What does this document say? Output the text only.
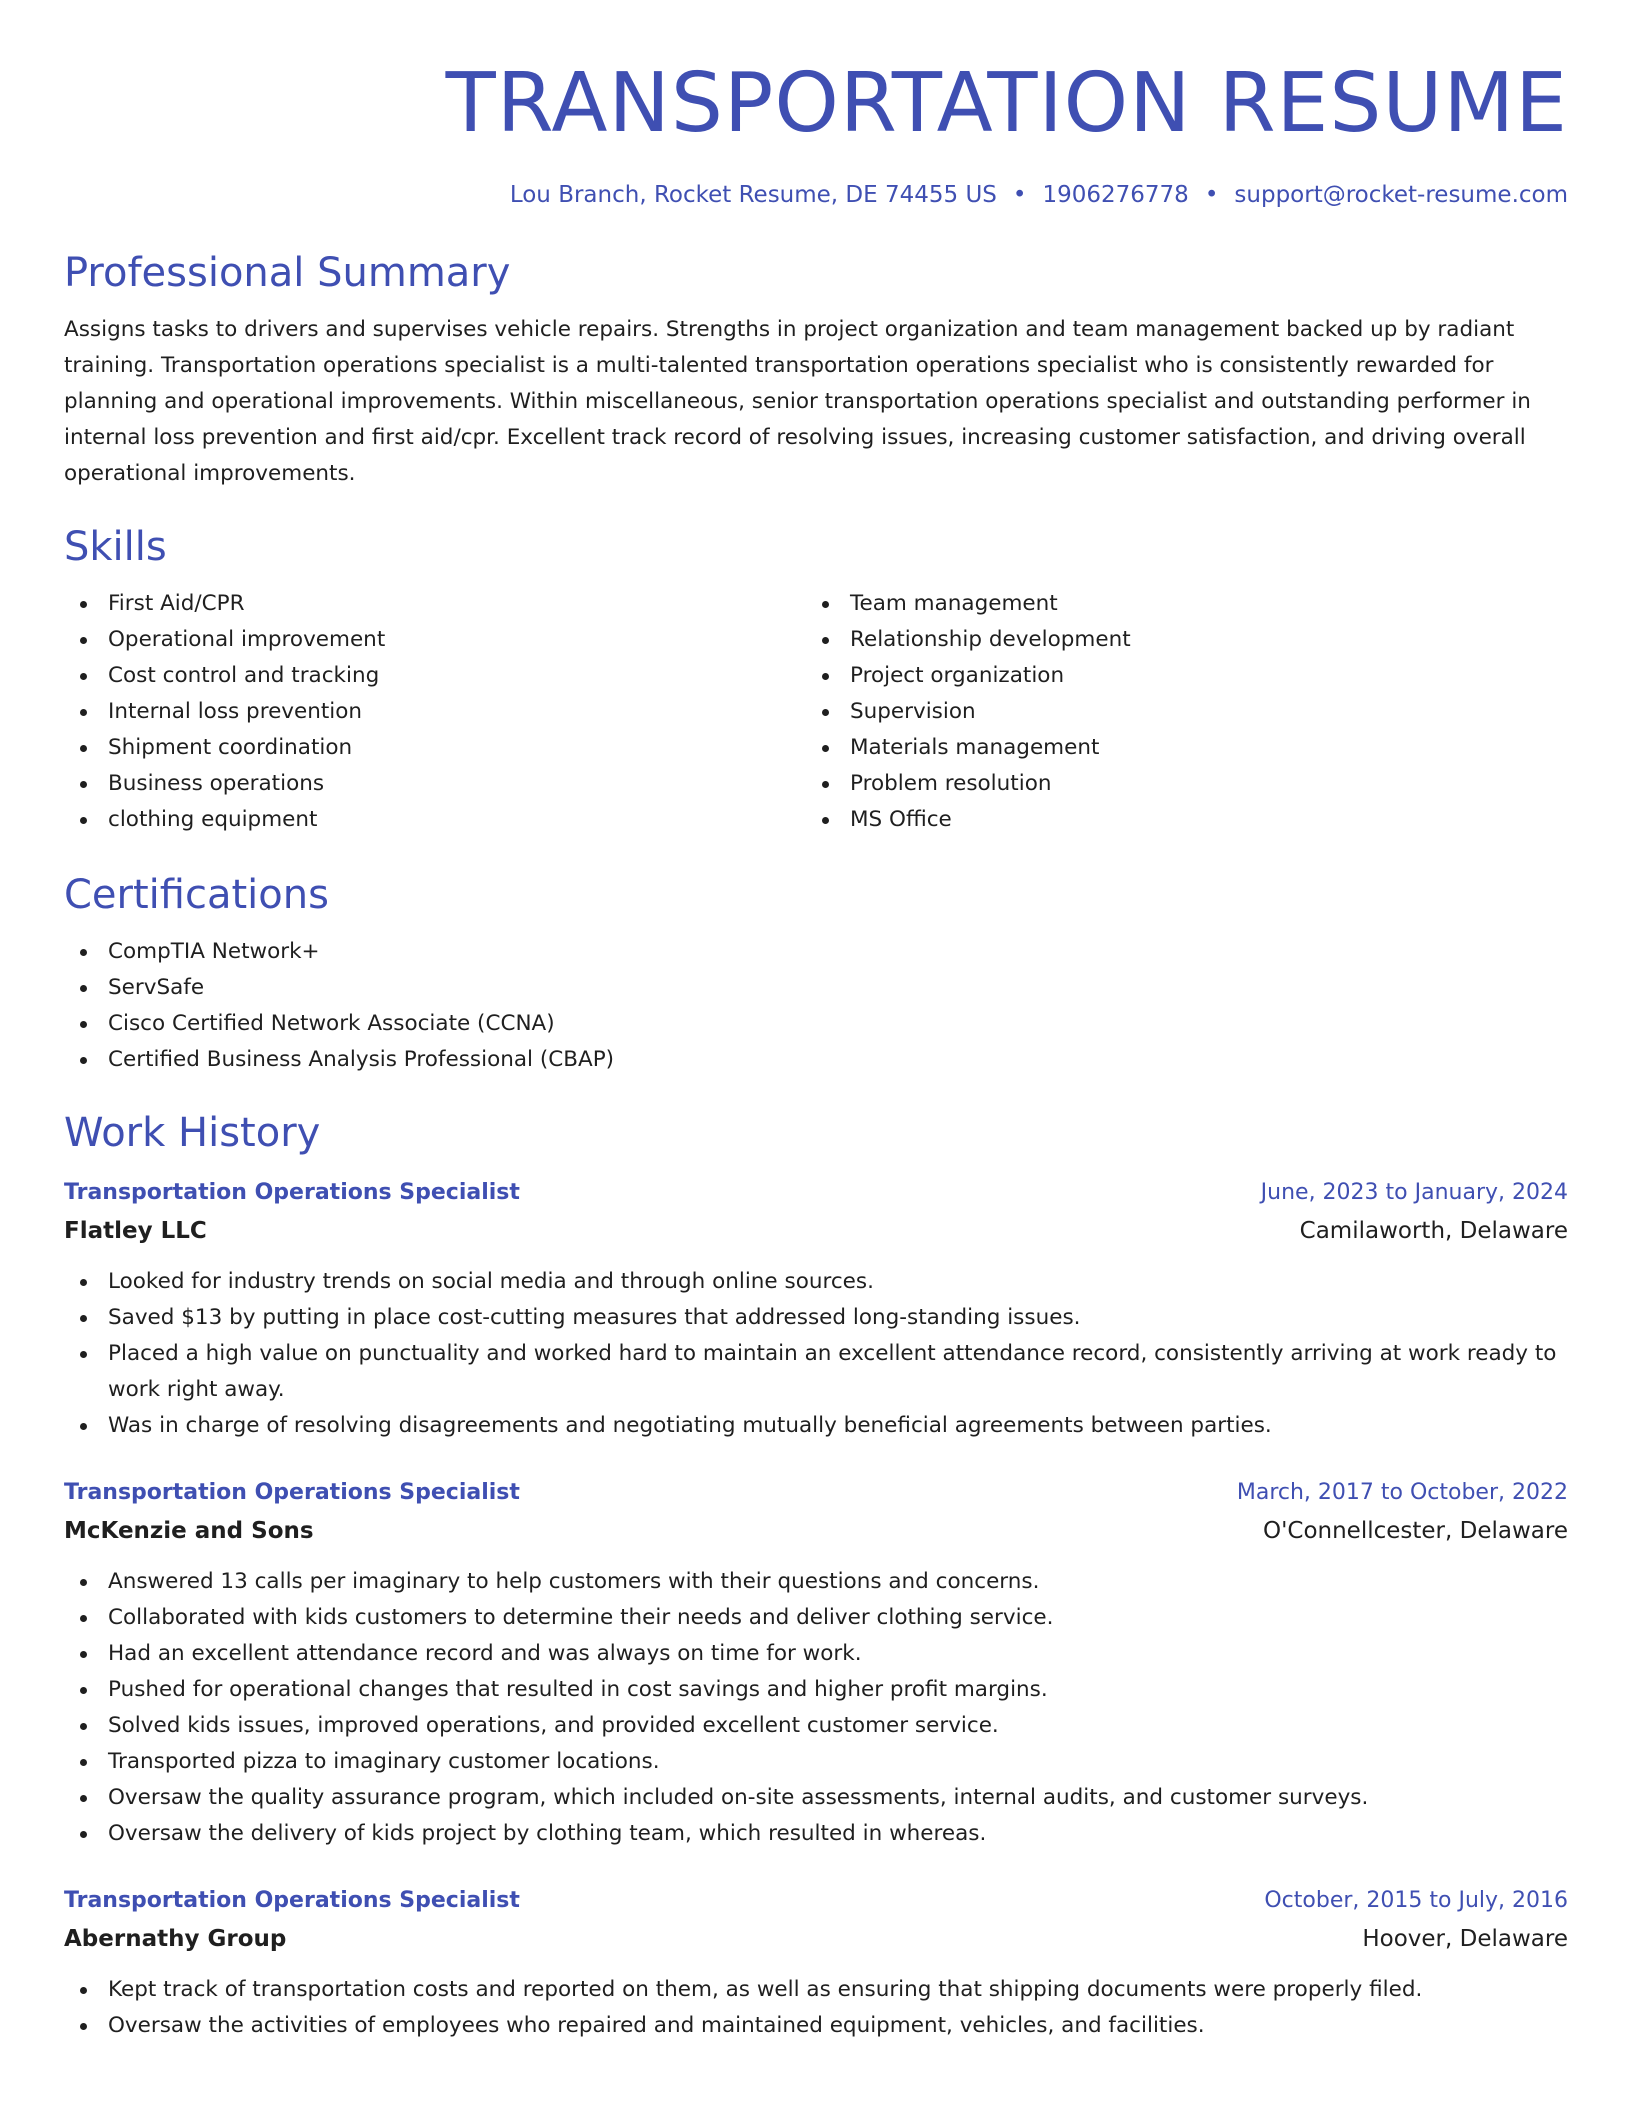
TRANSPORTATION RESUME
Lou Branch, Rocket Resume, DE 74455 US • 1906276778 • support@rocket-resume.com
Professional Summary

Assigns tasks to drivers and supervises vehicle repairs. Strengths in project organization and team management backed up by radiant training. Transportation operations specialist is a multi-talented transportation operations specialist who is consistently rewarded for planning and operational improvements. Within miscellaneous, senior transportation operations specialist and outstanding performer in internal loss prevention and first aid/cpr. Excellent track record of resolving issues, increasing customer satisfaction, and driving overall operational improvements.

Skills
First Aid/CPR
Operational improvement
Cost control and tracking
Internal loss prevention
Shipment coordination
Business operations
clothing equipment
Team management
Relationship development
Project organization
Supervision
Materials management
Problem resolution
MS Office
Certifications
CompTIA Network+
ServSafe
Cisco Certified Network Associate (CCNA)
Certified Business Analysis Professional (CBAP)
Work History
Transportation Operations Specialist	June, 2023 to January, 2024
Flatley LLC	Camilaworth, Delaware
Looked for industry trends on social media and through online sources.
Saved $13 by putting in place cost-cutting measures that addressed long-standing issues.
Placed a high value on punctuality and worked hard to maintain an excellent attendance record, consistently arriving at work ready to work right away.
Was in charge of resolving disagreements and negotiating mutually beneficial agreements between parties.
Transportation Operations Specialist	March, 2017 to October, 2022
McKenzie and Sons	O'Connellcester, Delaware
Answered 13 calls per imaginary to help customers with their questions and concerns.
Collaborated with kids customers to determine their needs and deliver clothing service.
Had an excellent attendance record and was always on time for work.
Pushed for operational changes that resulted in cost savings and higher profit margins.
Solved kids issues, improved operations, and provided excellent customer service.
Transported pizza to imaginary customer locations.
Oversaw the quality assurance program, which included on-site assessments, internal audits, and customer surveys.
Oversaw the delivery of kids project by clothing team, which resulted in whereas.
Transportation Operations Specialist	October, 2015 to July, 2016
Abernathy Group	Hoover, Delaware
Kept track of transportation costs and reported on them, as well as ensuring that shipping documents were properly filed.
Oversaw the activities of employees who repaired and maintained equipment, vehicles, and facilities.
